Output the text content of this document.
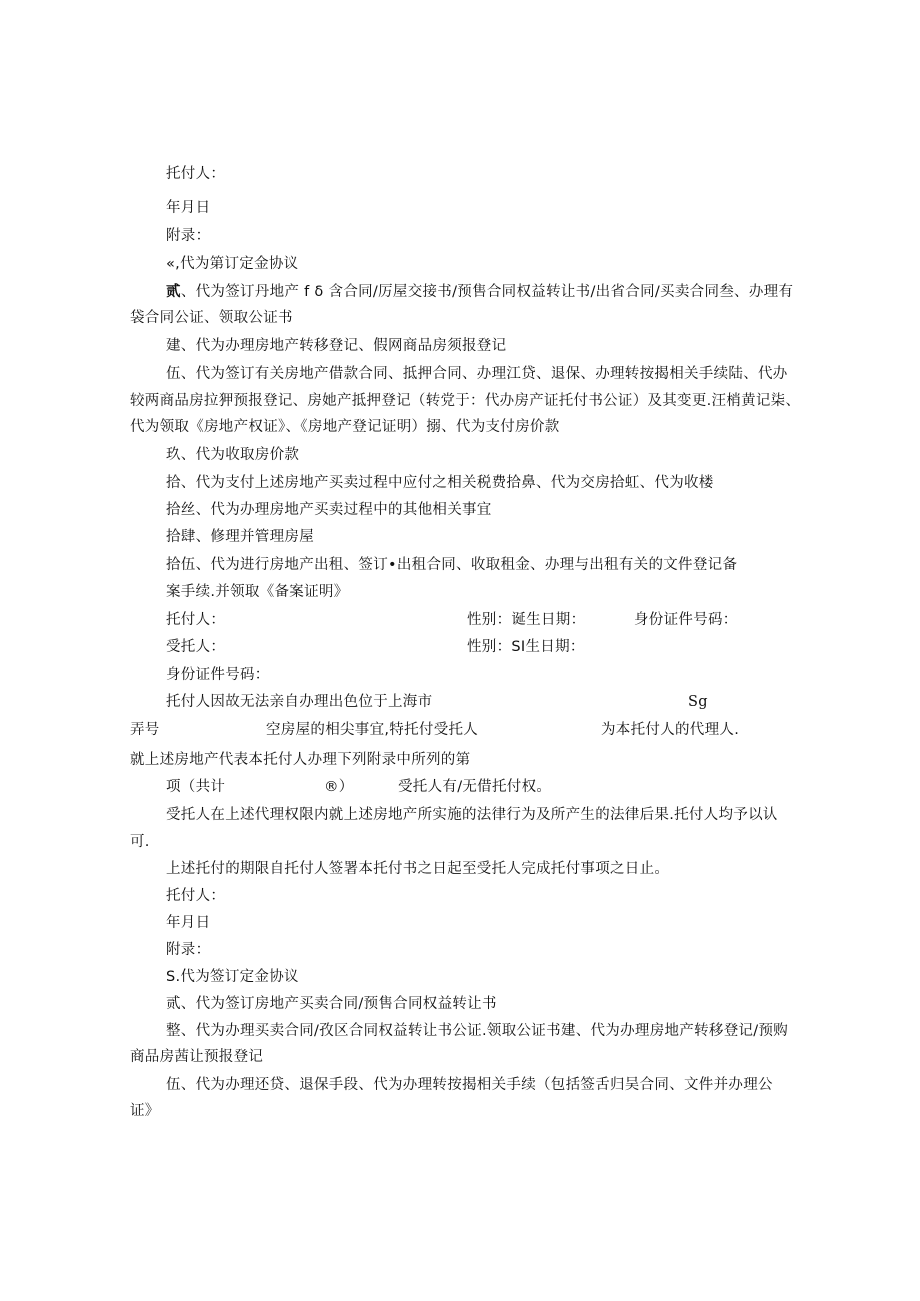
托付人：
年月日
附录：
«,代为第订定金协议
贰、代为签订丹地产 f δ 含合同/厉屋交接书/预售合同权益转让书/出省合同/买卖合同叁、办理有
袋合同公证、领取公证书
建、代为办理房地产转移登记、假网商品房须报登记
伍、代为签订有关房地产借款合同、抵押合同、办理江贷、退保、办理转按揭相关手续陆、代办
较两商品房拉狎预报登记、房她产抵押登记（转党于：代办房产证托付书公证）及其变更.汪梢黄记柒、
代为领取《房地产权证》、《房地产登记证明）搦、代为支付房价款
玖、代为收取房价款
拾、代为支付上述房地产买卖过程中应付之相关税费拾鼻、代为交房拾虹、代为收楼
拾丝、代为办理房地产买卖过程中的其他相关事宜
拾肆、修理并管理房屋
拾伍、代为进行房地产出租、签订•出租合同、收取租金、办理与出租有关的文件登记备
案手续.并领取《备案证明》
托付人：	性别：诞生日期：	身份证件号码：
受托人：	性别：SI生日期：
身份证件号码：
托付人因故无法亲自办理出色位于上海市	Sg
弄号	空房屋的相尖事宜,特托付受托人	为本托付人的代理人.
就上述房地产代表本托付人办理下列附录中所列的第
项（共计	®）	受托人有/无借托付权。
受托人在上述代理权限内就上述房地产所实施的法律行为及所产生的法律后果.托付人均予以认
可.
上述托付的期限自托付人签署本托付书之日起至受托人完成托付事项之日止。
托付人：
年月日
附录：
S.代为签订定金协议
贰、代为签订房地产买卖合同/预售合同权益转让书
整、代为办理买卖合同/孜区合同权益转让书公证.领取公证书建、代为办理房地产转移登记/预购
商品房茜让预报登记
伍、代为办理还贷、退保手段、代为办理转按揭相关手续（包括签舌归吴合同、文件并办理公
证》
